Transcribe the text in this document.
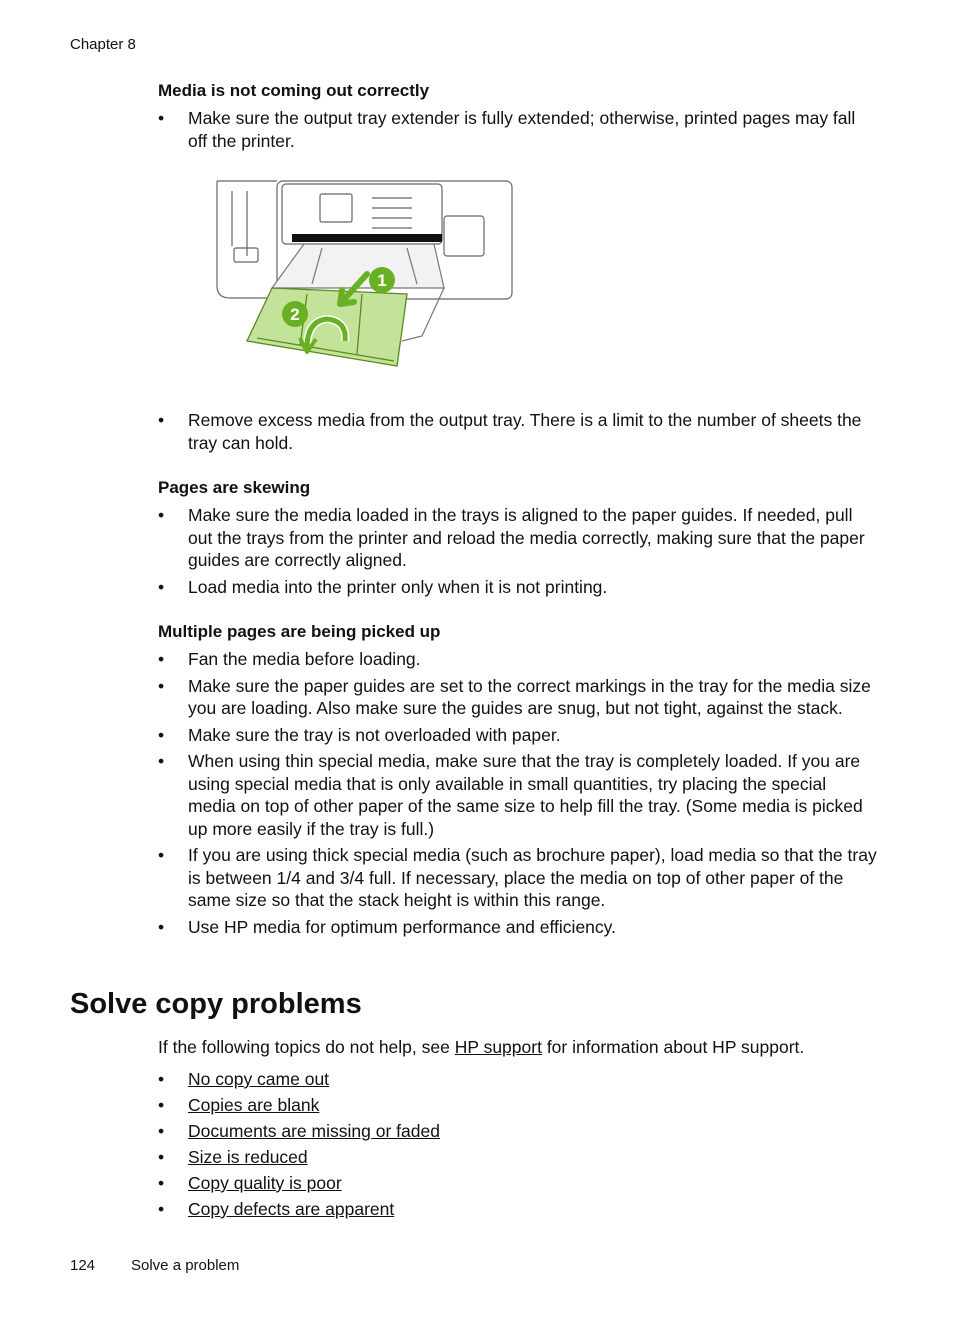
Chapter 8
Media is not coming out correctly
• Make sure the output tray extender is fully extended; otherwise, printed pages may fall off the printer.
1
2
• Remove excess media from the output tray. There is a limit to the number of sheets the tray can hold.
Pages are skewing
• Make sure the media loaded in the trays is aligned to the paper guides. If needed, pull out the trays from the printer and reload the media correctly, making sure that the paper guides are correctly aligned.
• Load media into the printer only when it is not printing.
Multiple pages are being picked up
• Fan the media before loading.
• Make sure the paper guides are set to the correct markings in the tray for the media size you are loading. Also make sure the guides are snug, but not tight, against the stack.
• Make sure the tray is not overloaded with paper.
• When using thin special media, make sure that the tray is completely loaded. If you are using special media that is only available in small quantities, try placing the special media on top of other paper of the same size to help fill the tray. (Some media is picked up more easily if the tray is full.)
• If you are using thick special media (such as brochure paper), load media so that the tray is between 1/4 and 3/4 full. If necessary, place the media on top of other paper of the same size so that the stack height is within this range.
• Use HP media for optimum performance and efficiency.
Solve copy problems
If the following topics do not help, see HP support for information about HP support.
• No copy came out
• Copies are blank
• Documents are missing or faded
• Size is reduced
• Copy quality is poor
• Copy defects are apparent
124 Solve a problem
